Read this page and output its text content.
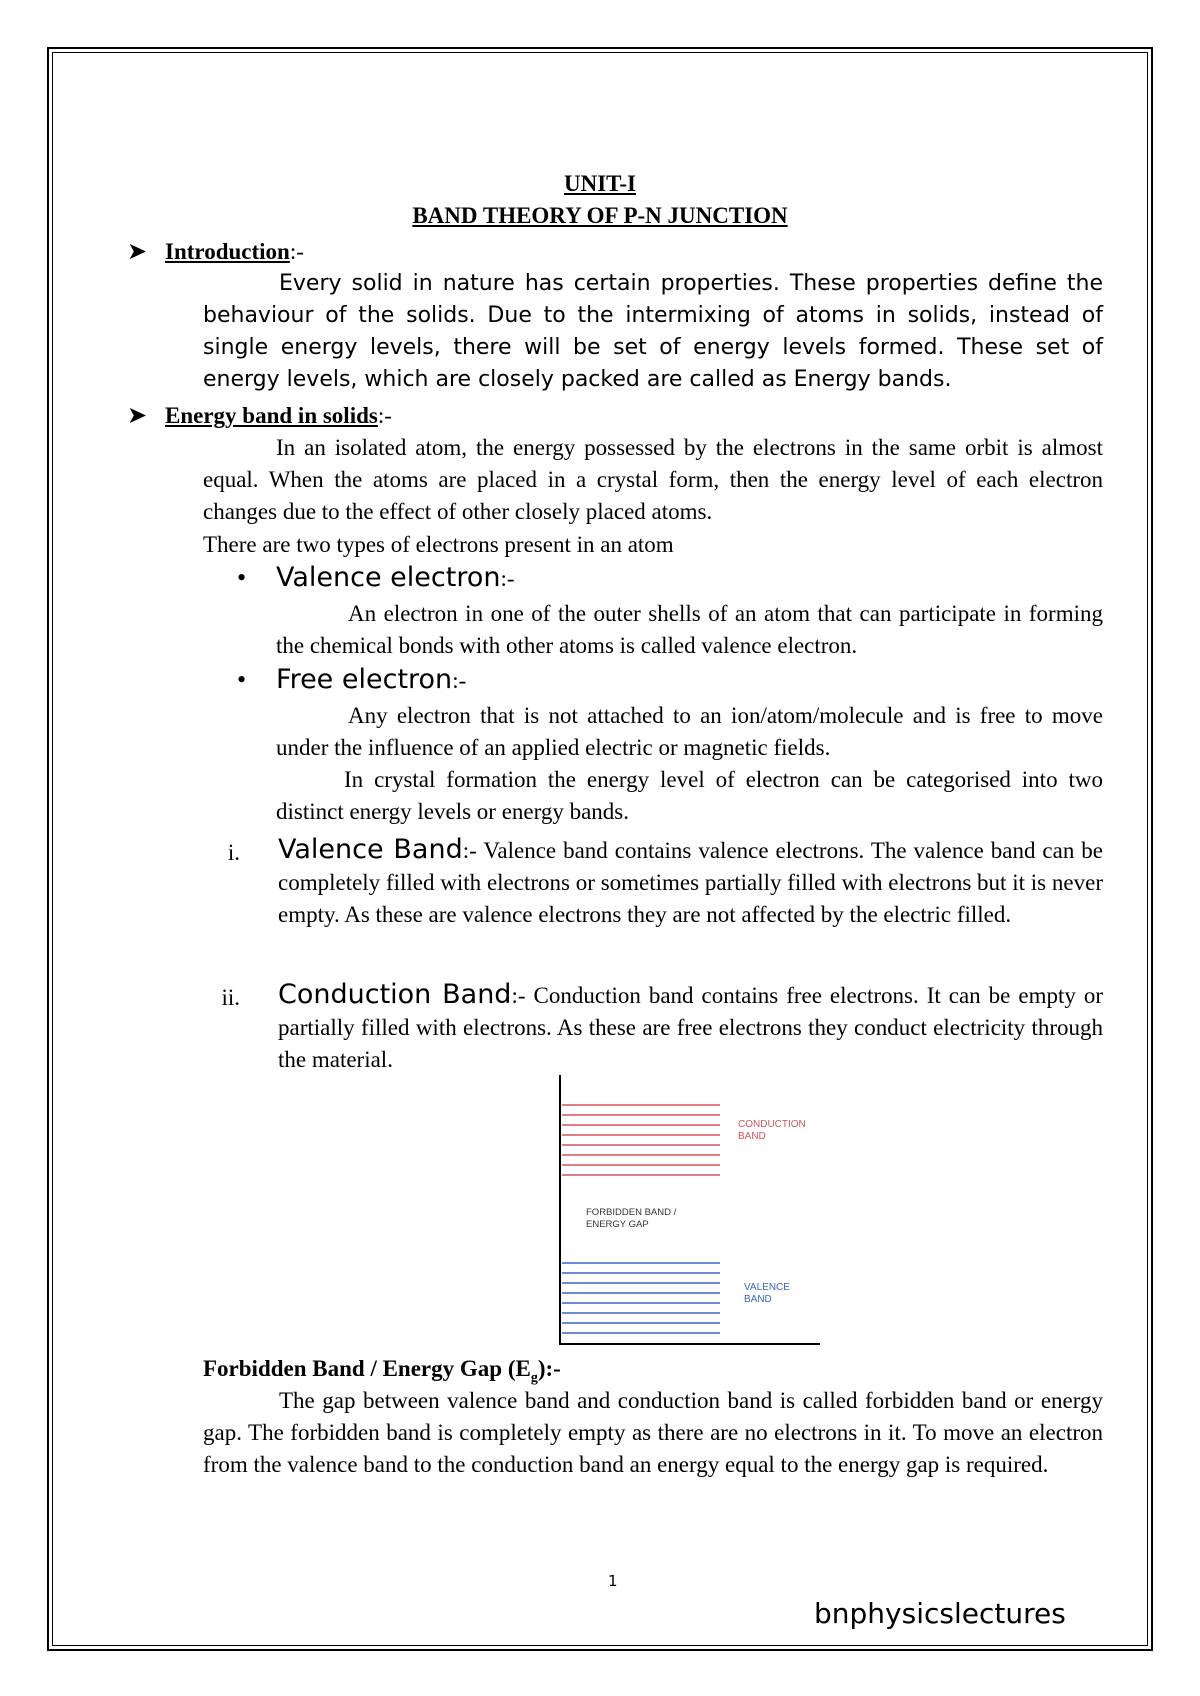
UNIT-I
BAND THEORY OF P-N JUNCTION
➤ Introduction:-
Every solid in nature has certain properties. These properties define the behaviour of the solids. Due to the intermixing of atoms in solids, instead of single energy levels, there will be set of energy levels formed. These set of energy levels, which are closely packed are called as Energy bands.
➤ Energy band in solids:-
In an isolated atom, the energy possessed by the electrons in the same orbit is almost equal. When the atoms are placed in a crystal form, then the energy level of each electron changes due to the effect of other closely placed atoms.
There are two types of electrons present in an atom
• Valence electron:-
An electron in one of the outer shells of an atom that can participate in forming the chemical bonds with other atoms is called valence electron.
• Free electron:-
Any electron that is not attached to an ion/atom/molecule and is free to move under the influence of an applied electric or magnetic fields.
In crystal formation the energy level of electron can be categorised into two distinct energy levels or energy bands.
i. Valence Band:- Valence band contains valence electrons. The valence band can be completely filled with electrons or sometimes partially filled with electrons but it is never empty. As these are valence electrons they are not affected by the electric filled.
ii. Conduction Band:- Conduction band contains free electrons. It can be empty or partially filled with electrons. As these are free electrons they conduct electricity through the material.
CONDUCTION
BAND
FORBIDDEN BAND /
ENERGY GAP
VALENCE
BAND
Forbidden Band / Energy Gap $(E_g):-$
The gap between valence band and conduction band is called forbidden band or energy gap. The forbidden band is completely empty as there are no electrons in it. To move an electron from the valence band to the conduction band an energy equal to the energy gap is required.
1
bnphysicslectures
